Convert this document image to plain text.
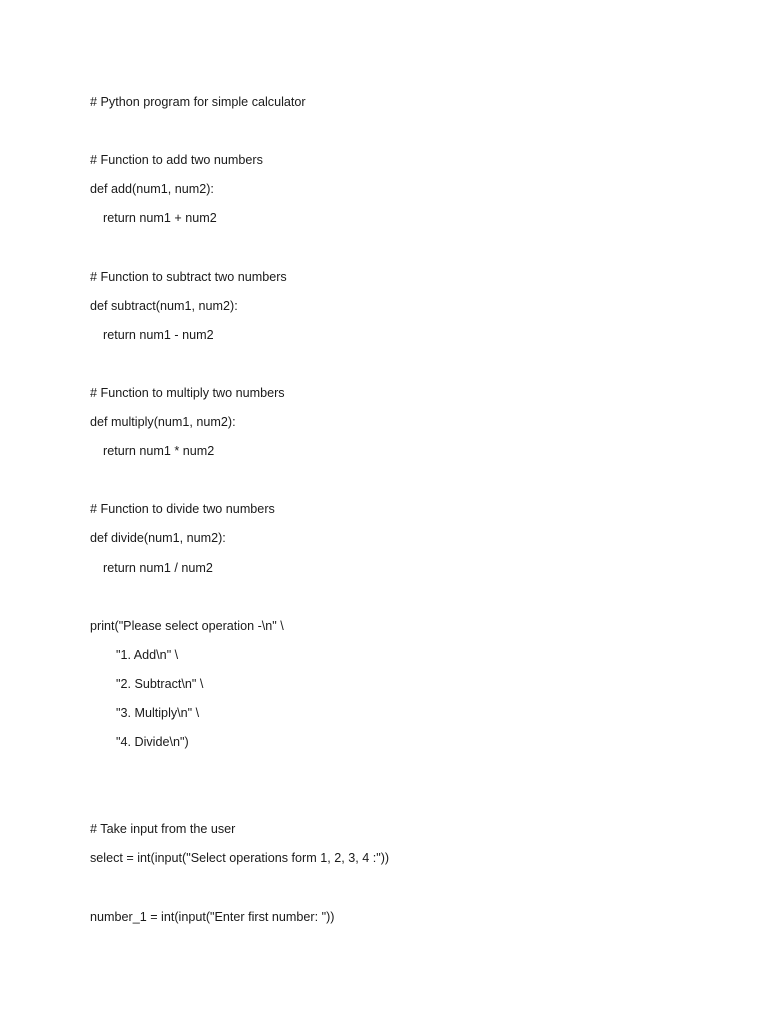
# Python program for simple calculator
# Function to add two numbers
def add(num1, num2):
return num1 + num2
# Function to subtract two numbers
def subtract(num1, num2):
return num1 - num2
# Function to multiply two numbers
def multiply(num1, num2):
return num1 * num2
# Function to divide two numbers
def divide(num1, num2):
return num1 / num2
print("Please select operation -\n" \
"1. Add\n" \
"2. Subtract\n" \
"3. Multiply\n" \
"4. Divide\n")
# Take input from the user
select = int(input("Select operations form 1, 2, 3, 4 :"))
number_1 = int(input("Enter first number: "))
